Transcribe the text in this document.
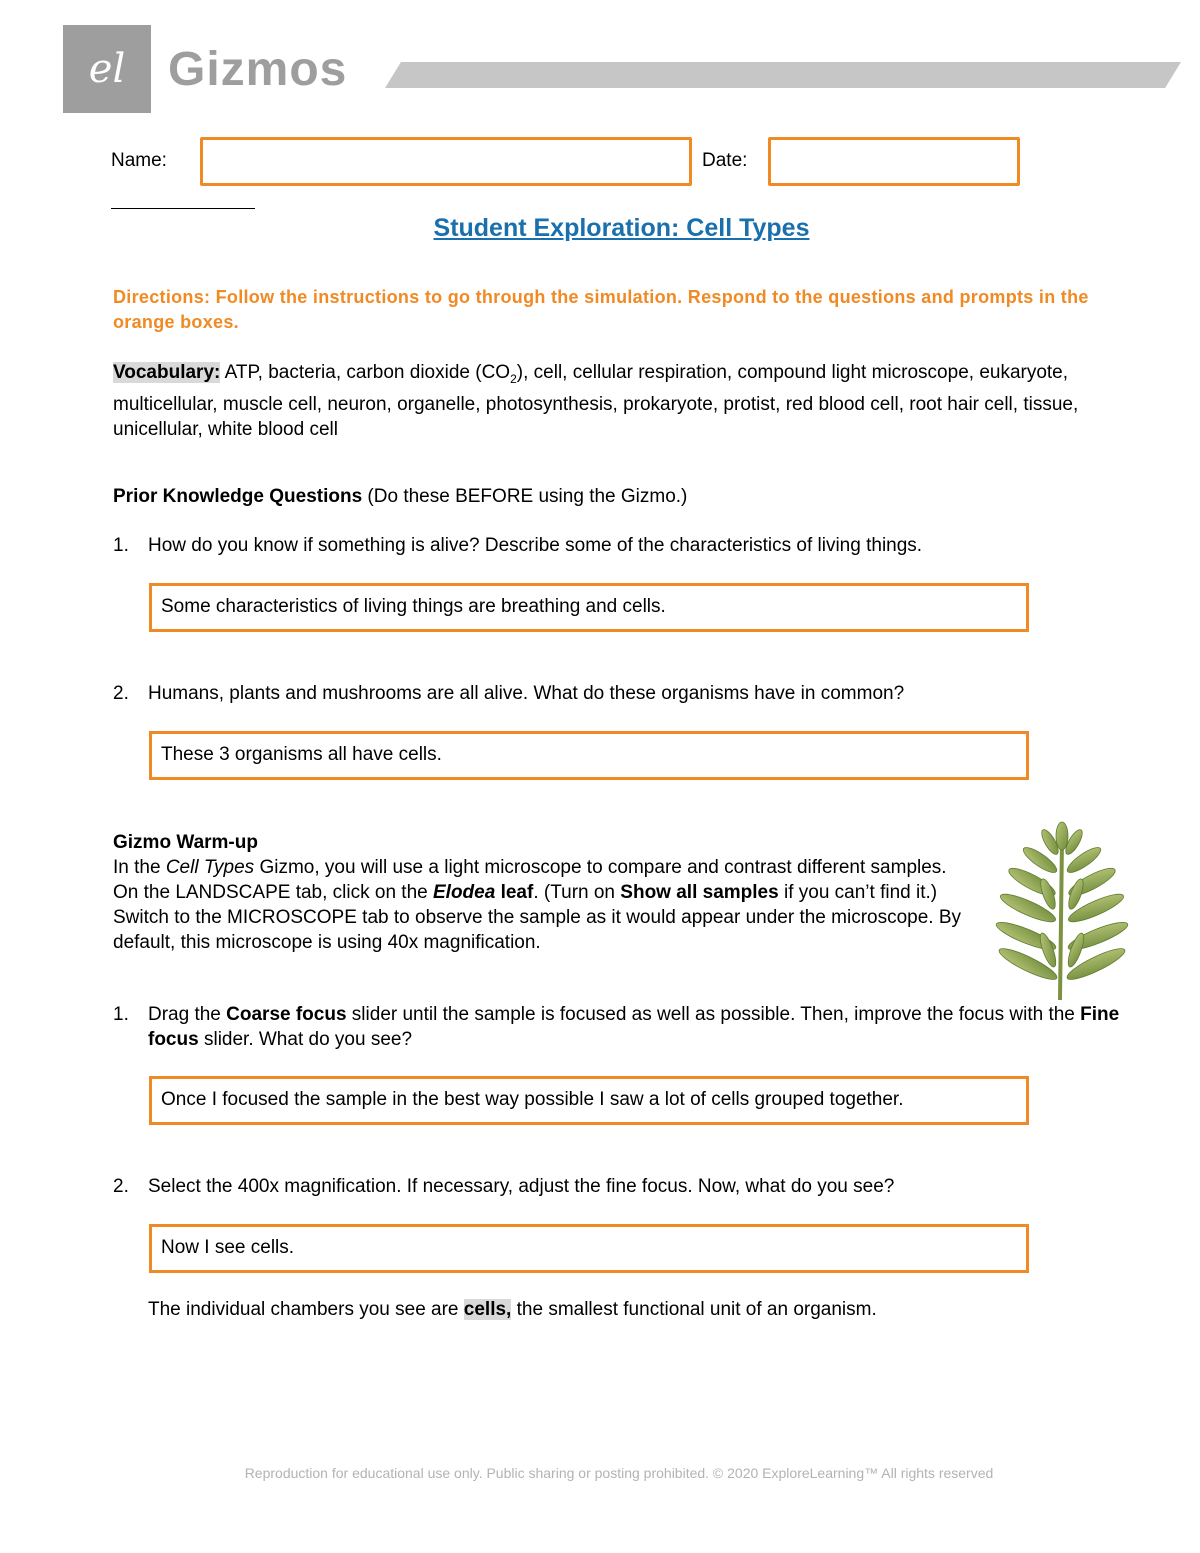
el Gizmos
Name:	Date:
Student Exploration: Cell Types
Directions: Follow the instructions to go through the simulation. Respond to the questions and prompts in the orange boxes.
Vocabulary: ATP, bacteria, carbon dioxide $(CO_2)$, cell, cellular respiration, compound light microscope, eukaryote, multicellular, muscle cell, neuron, organelle, photosynthesis, prokaryote, protist, red blood cell, root hair cell, tissue, unicellular, white blood cell
Prior Knowledge Questions (Do these BEFORE using the Gizmo.)
1. How do you know if something is alive? Describe some of the characteristics of living things.
Some characteristics of living things are breathing and cells.
2. Humans, plants and mushrooms are all alive. What do these organisms have in common?
These 3 organisms all have cells.
Gizmo Warm-up
In the Cell Types Gizmo, you will use a light microscope to compare and contrast different samples. On the LANDSCAPE tab, click on the Elodea leaf. (Turn on Show all samples if you can’t find it.) Switch to the MICROSCOPE tab to observe the sample as it would appear under the microscope. By default, this microscope is using 40x magnification.
1. Drag the Coarse focus slider until the sample is focused as well as possible. Then, improve the focus with the Fine focus slider. What do you see?
Once I focused the sample in the best way possible I saw a lot of cells grouped together.
2. Select the 400x magnification. If necessary, adjust the fine focus. Now, what do you see?
Now I see cells.
The individual chambers you see are cells, the smallest functional unit of an organism.
Reproduction for educational use only. Public sharing or posting prohibited. © 2020 ExploreLearning™ All rights reserved
